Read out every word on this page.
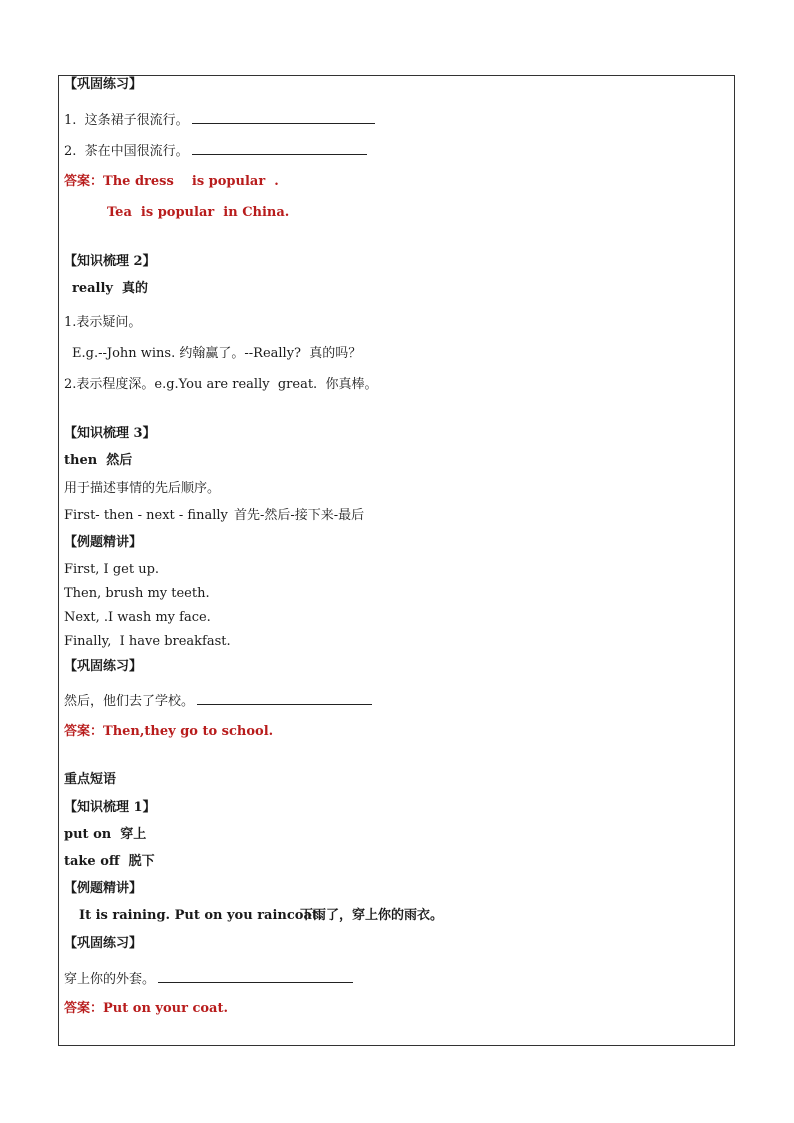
【巩固练习】
1.  这条裙子很流行。
2.  茶在中国很流行。
答案：The dress    is popular  .
Tea  is popular  in China.
【知识梳理 2】
really  真的
1.表示疑问。
E.g.--John wins. 约翰赢了。--Really?  真的吗？
2.表示程度深。e.g.You are really  great.  你真棒。
【知识梳理 3】
then  然后
用于描述事情的先后顺序。
First- then - next - finally 首先-然后-接下来-最后
【例题精讲】
First, I get up.
Then, brush my teeth.
Next, .I wash my face.
Finally,  I have breakfast.
【巩固练习】
然后，他们去了学校。
答案：Then,they go to school.
重点短语
【知识梳理 1】
put on  穿上
take off  脱下
【例题精讲】
It is raining. Put on you raincoat.
下雨了，穿上你的雨衣。
【巩固练习】
穿上你的外套。
答案：Put on your coat.
